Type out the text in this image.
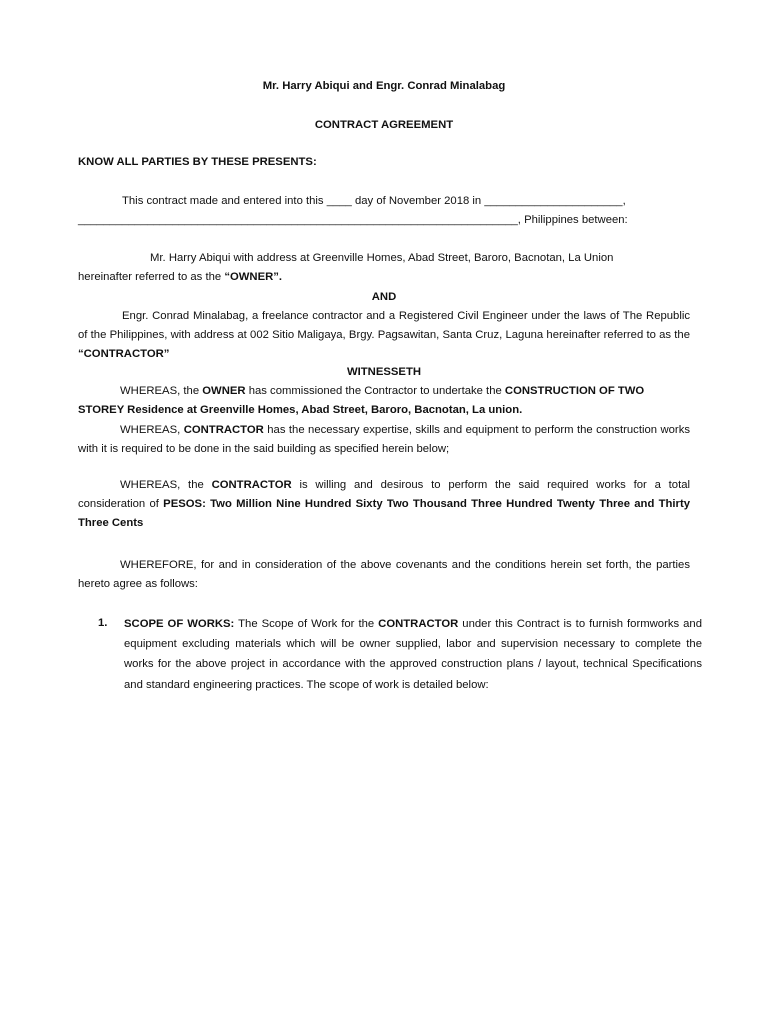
Mr. Harry Abiqui and Engr. Conrad Minalabag
CONTRACT AGREEMENT
KNOW ALL PARTIES BY THESE PRESENTS:
This contract made and entered into this ____ day of November 2018 in ______________________,
______________________________________________________________________, Philippines between:
Mr. Harry Abiqui with address at Greenville Homes, Abad Street, Baroro, Bacnotan, La Union
hereinafter referred to as the “OWNER”.
AND
Engr. Conrad Minalabag, a freelance contractor and a Registered Civil Engineer under the laws of The Republic of the Philippines, with address at 002 Sitio Maligaya, Brgy. Pagsawitan, Santa Cruz, Laguna hereinafter referred to as the “CONTRACTOR”
WITNESSETH
WHEREAS, the OWNER has commissioned the Contractor to undertake the CONSTRUCTION OF TWO
STOREY Residence at Greenville Homes, Abad Street, Baroro, Bacnotan, La union.
WHEREAS, CONTRACTOR has the necessary expertise, skills and equipment to perform the construction works with it is required to be done in the said building as specified herein below;
WHEREAS, the CONTRACTOR is willing and desirous to perform the said required works for a total consideration of PESOS: Two Million Nine Hundred Sixty Two Thousand Three Hundred Twenty Three and Thirty Three Cents
WHEREFORE, for and in consideration of the above covenants and the conditions herein set forth, the parties hereto agree as follows:
1. SCOPE OF WORKS: The Scope of Work for the CONTRACTOR under this Contract is to furnish formworks and equipment excluding materials which will be owner supplied, labor and supervision necessary to complete the works for the above project in accordance with the approved construction plans / layout, technical Specifications and standard engineering practices. The scope of work is detailed below:
